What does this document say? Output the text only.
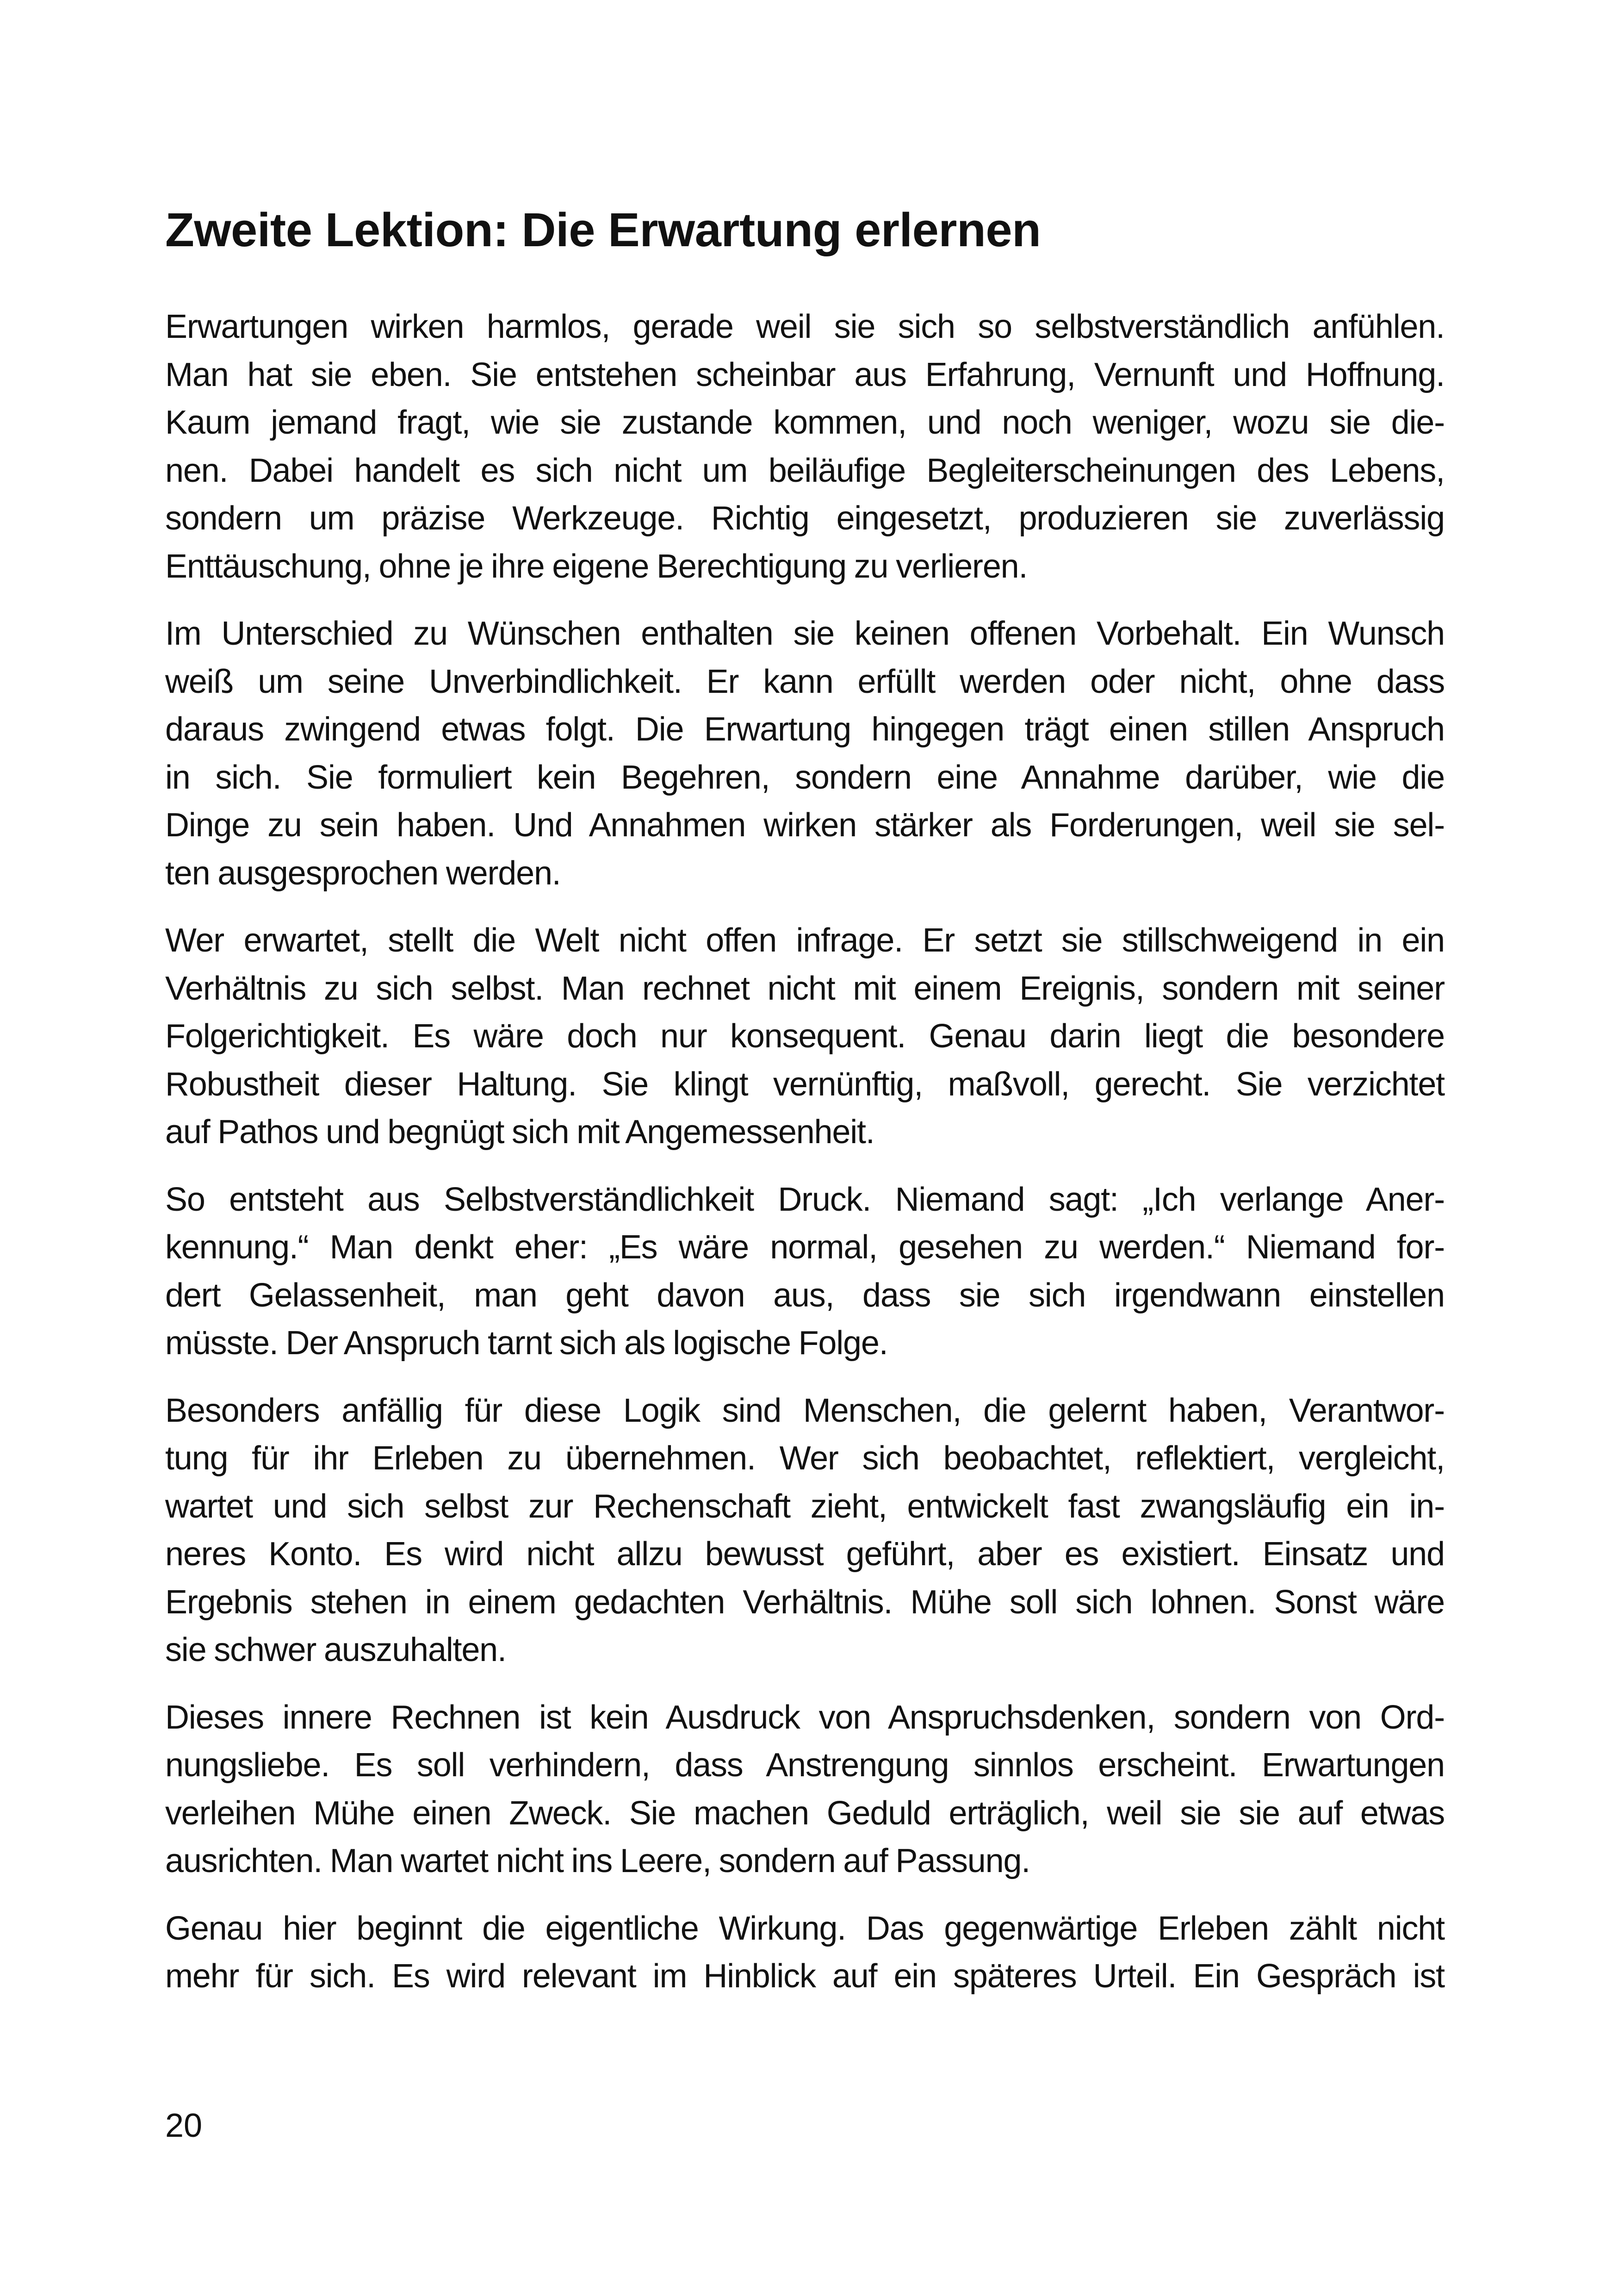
Zweite Lektion: Die Erwartung erlernen

Erwartungen wirken harmlos, gerade weil sie sich so selbstverständlich anfühlen.
Man hat sie eben. Sie entstehen scheinbar aus Erfahrung, Vernunft und Hoffnung.
Kaum jemand fragt, wie sie zustande kommen, und noch weniger, wozu sie die-
nen. Dabei handelt es sich nicht um beiläufige Begleiterscheinungen des Lebens,
sondern um präzise Werkzeuge. Richtig eingesetzt, produzieren sie zuverlässig
Enttäuschung, ohne je ihre eigene Berechtigung zu verlieren.

Im Unterschied zu Wünschen enthalten sie keinen offenen Vorbehalt. Ein Wunsch
weiß um seine Unverbindlichkeit. Er kann erfüllt werden oder nicht, ohne dass
daraus zwingend etwas folgt. Die Erwartung hingegen trägt einen stillen Anspruch
in sich. Sie formuliert kein Begehren, sondern eine Annahme darüber, wie die
Dinge zu sein haben. Und Annahmen wirken stärker als Forderungen, weil sie sel-
ten ausgesprochen werden.

Wer erwartet, stellt die Welt nicht offen infrage. Er setzt sie stillschweigend in ein
Verhältnis zu sich selbst. Man rechnet nicht mit einem Ereignis, sondern mit seiner
Folgerichtigkeit. Es wäre doch nur konsequent. Genau darin liegt die besondere
Robustheit dieser Haltung. Sie klingt vernünftig, maßvoll, gerecht. Sie verzichtet
auf Pathos und begnügt sich mit Angemessenheit.

So entsteht aus Selbstverständlichkeit Druck. Niemand sagt: „Ich verlange Aner-
kennung.“ Man denkt eher: „Es wäre normal, gesehen zu werden.“ Niemand for-
dert Gelassenheit, man geht davon aus, dass sie sich irgendwann einstellen
müsste. Der Anspruch tarnt sich als logische Folge.

Besonders anfällig für diese Logik sind Menschen, die gelernt haben, Verantwor-
tung für ihr Erleben zu übernehmen. Wer sich beobachtet, reflektiert, vergleicht,
wartet und sich selbst zur Rechenschaft zieht, entwickelt fast zwangsläufig ein in-
neres Konto. Es wird nicht allzu bewusst geführt, aber es existiert. Einsatz und
Ergebnis stehen in einem gedachten Verhältnis. Mühe soll sich lohnen. Sonst wäre
sie schwer auszuhalten.

Dieses innere Rechnen ist kein Ausdruck von Anspruchsdenken, sondern von Ord-
nungsliebe. Es soll verhindern, dass Anstrengung sinnlos erscheint. Erwartungen
verleihen Mühe einen Zweck. Sie machen Geduld erträglich, weil sie sie auf etwas
ausrichten. Man wartet nicht ins Leere, sondern auf Passung.

Genau hier beginnt die eigentliche Wirkung. Das gegenwärtige Erleben zählt nicht
mehr für sich. Es wird relevant im Hinblick auf ein späteres Urteil. Ein Gespräch ist

20
